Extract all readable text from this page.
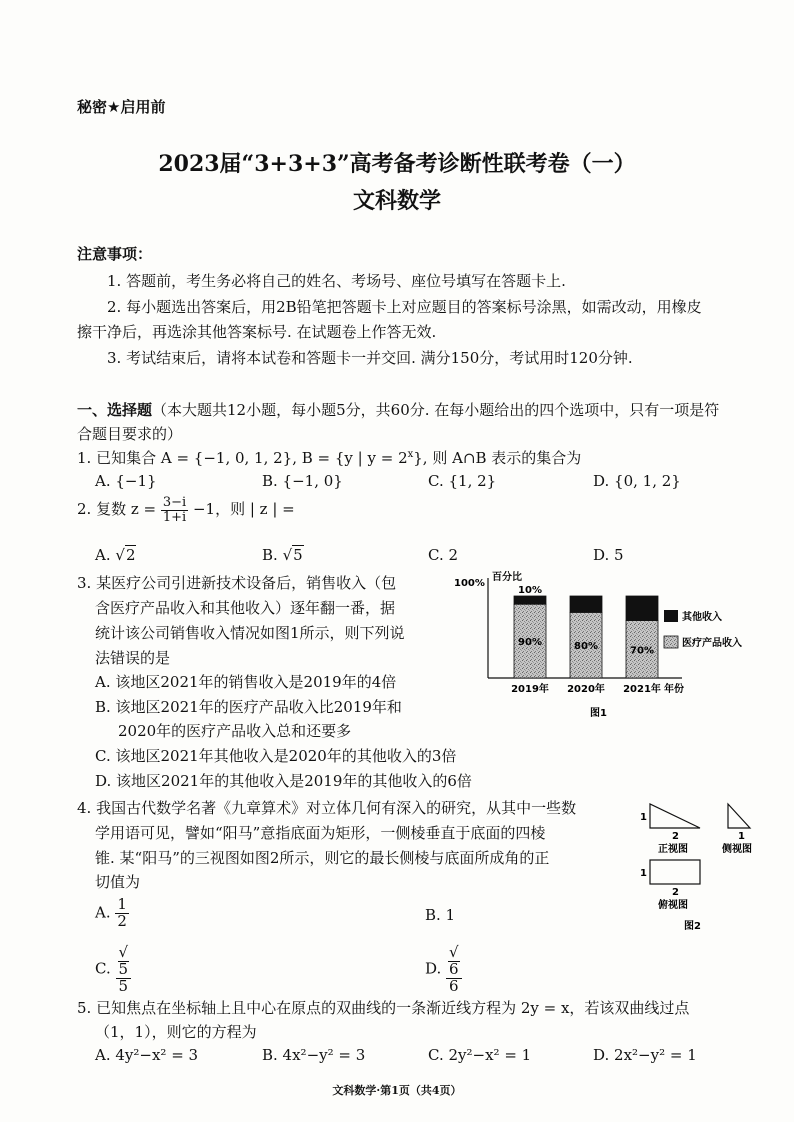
秘密★启用前
2023届“3+3+3”高考备考诊断性联考卷（一）
文科数学
注意事项：
1. 答题前，考生务必将自己的姓名、考场号、座位号填写在答题卡上.
2. 每小题选出答案后，用2B铅笔把答题卡上对应题目的答案标号涂黑，如需改动，用橡皮
擦干净后，再选涂其他答案标号. 在试题卷上作答无效.
3. 考试结束后，请将本试卷和答题卡一并交回. 满分150分，考试用时120分钟.
一、选择题（本大题共12小题，每小题5分，共60分. 在每小题给出的四个选项中，只有一项是符
合题目要求的）
1. 已知集合 A = {−1, 0, 1, 2}, B = {y | $y = 2^x$}, 则 A∩B 表示的集合为
A. {−1}	B. {−1, 0}	C. {1, 2}	D. {0, 1, 2}
2. 复数 $z = \frac{3-i}{1+i} -1$，则 | z | =
A. √2	B. √5	C. 2	D. 5
3. 某医疗公司引进新技术设备后，销售收入（包
含医疗产品收入和其他收入）逐年翻一番，据
统计该公司销售收入情况如图1所示，则下列说
法错误的是
A. 该地区2021年的销售收入是2019年的4倍
B. 该地区2021年的医疗产品收入比2019年和
2020年的医疗产品收入总和还要多
C. 该地区2021年其他收入是2020年的其他收入的3倍
D. 该地区2021年的其他收入是2019年的其他收入的6倍
100%
百分比
年份
90%
10%
2019年
80%
2020年
70%
2021年
其他收入
医疗产品收入
图1
4. 我国古代数学名著《九章算术》对立体几何有深入的研究，从其中一些数
学用语可见，譬如“阳马”意指底面为矩形，一侧棱垂直于底面的四棱
锥. 某“阳马”的三视图如图2所示，则它的最长侧棱与底面所成角的正
切值为
A. $\frac{1}{2}$	B. 1
C. √
5
5	D. √
6
6
1
2
正视图
1
侧视图
1
2
俯视图
图2
5. 已知焦点在坐标轴上且中心在原点的双曲线的一条渐近线方程为 2y = x，若该双曲线过点
（1，1），则它的方程为
A. 4y²−x² = 3	B. 4x²−y² = 3	C. 2y²−x² = 1	D. 2x²−y² = 1
文科数学·第1页（共4页）
